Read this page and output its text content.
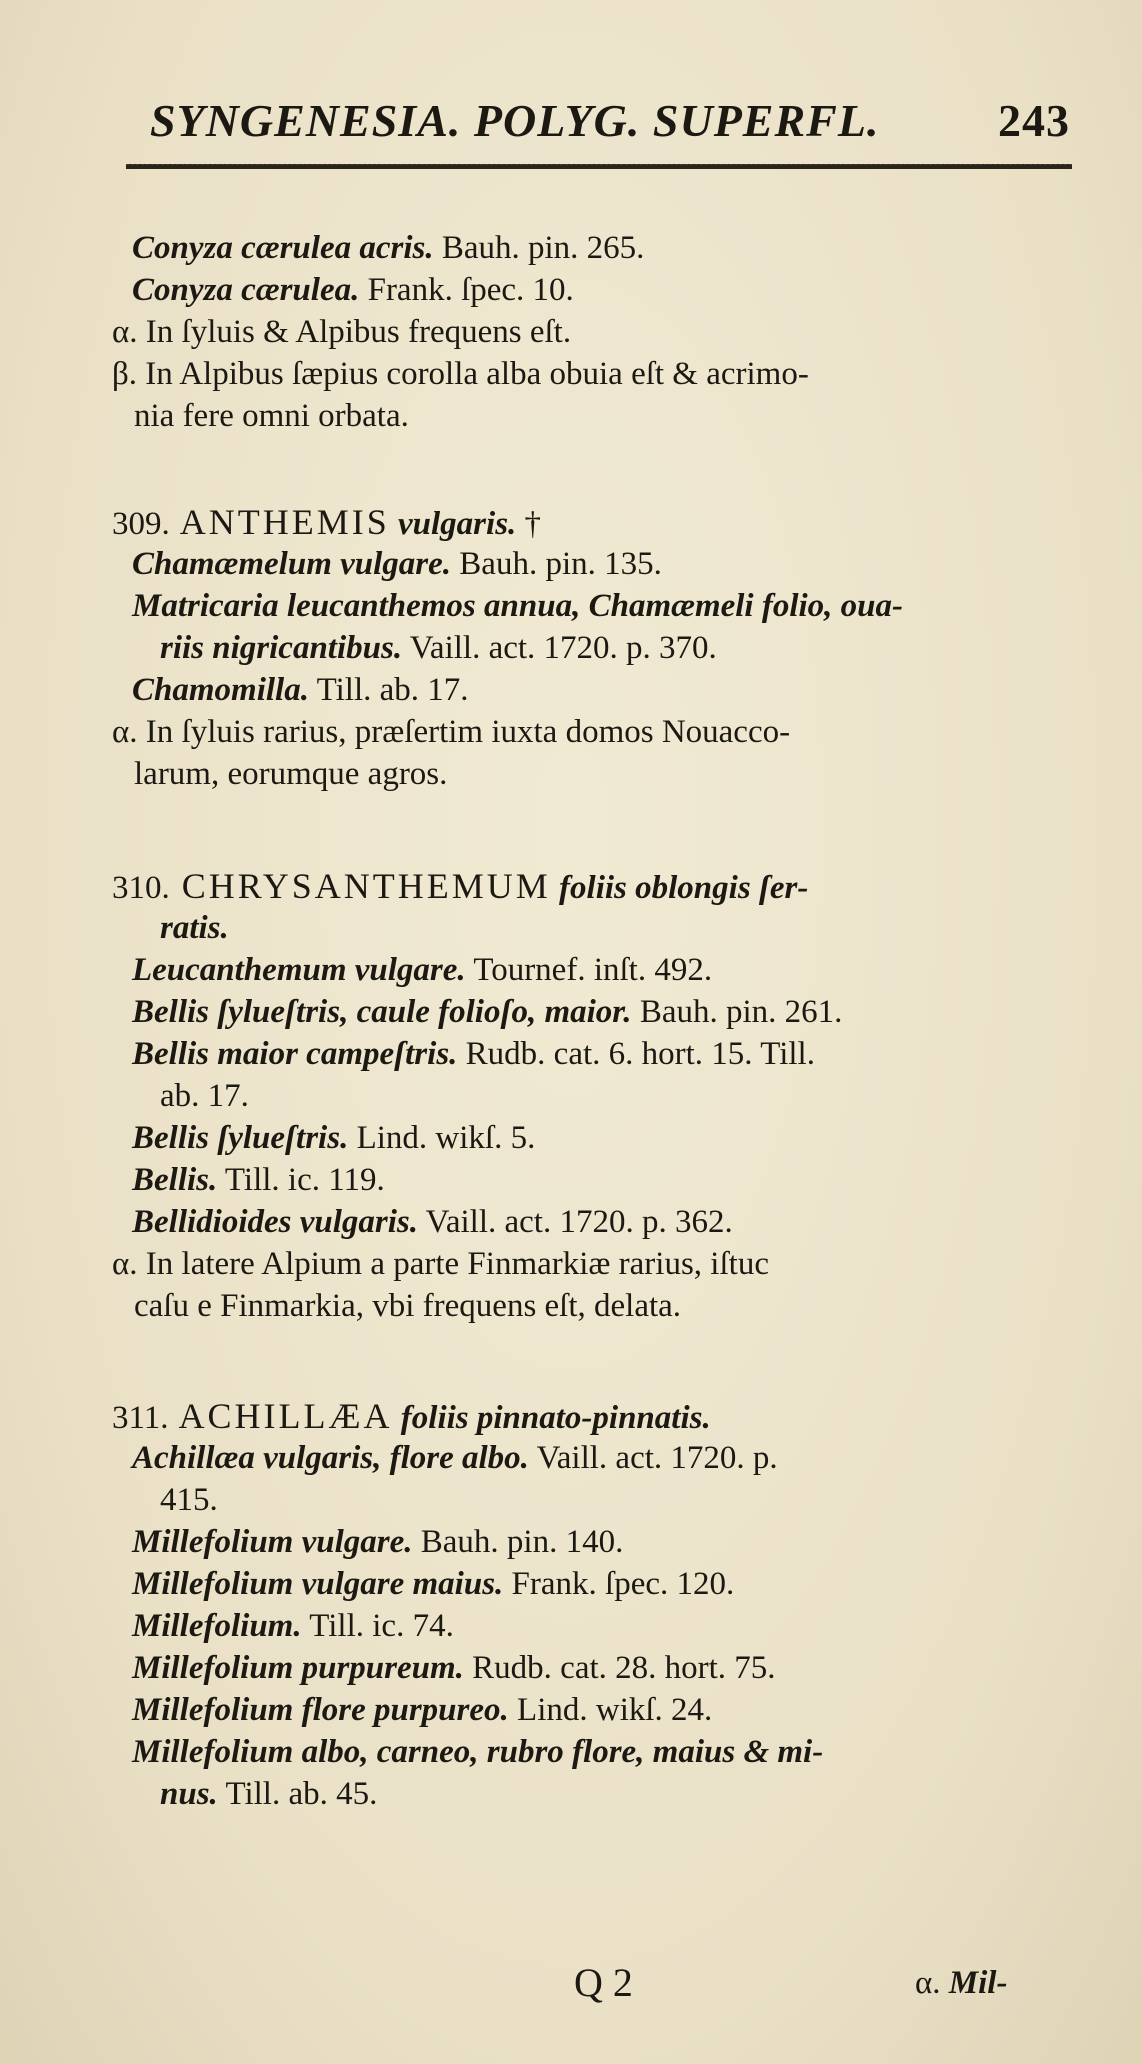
SYNGENESIA. POLYG. SUPERFL.	243
Conyza cærulea acris. Bauh. pin. 265.
Conyza cærulea. Frank. ſpec. 10.
α. In ſyluis & Alpibus frequens eſt.
β. In Alpibus ſæpius corolla alba obuia eſt & acrimo-
nia fere omni orbata.
309. ANTHEMIS vulgaris. †
Chamæmelum vulgare. Bauh. pin. 135.
Matricaria leucanthemos annua, Chamæmeli folio, oua-
riis nigricantibus. Vaill. act. 1720. p. 370.
Chamomilla. Till. ab. 17.
α. In ſyluis rarius, præſertim iuxta domos Nouacco-
larum, eorumque agros.
310. CHRYSANTHEMUM foliis oblongis ſer-
ratis.
Leucanthemum vulgare. Tournef. inſt. 492.
Bellis ſylueſtris, caule folioſo, maior. Bauh. pin. 261.
Bellis maior campeſtris. Rudb. cat. 6. hort. 15. Till.
ab. 17.
Bellis ſylueſtris. Lind. wikſ. 5.
Bellis. Till. ic. 119.
Bellidioides vulgaris. Vaill. act. 1720. p. 362.
α. In latere Alpium a parte Finmarkiæ rarius, iſtuc
caſu e Finmarkia, vbi frequens eſt, delata.
311. ACHILLÆA foliis pinnato-pinnatis.
Achillæa vulgaris, flore albo. Vaill. act. 1720. p.
415.
Millefolium vulgare. Bauh. pin. 140.
Millefolium vulgare maius. Frank. ſpec. 120.
Millefolium. Till. ic. 74.
Millefolium purpureum. Rudb. cat. 28. hort. 75.
Millefolium flore purpureo. Lind. wikſ. 24.
Millefolium albo, carneo, rubro flore, maius & mi-
nus. Till. ab. 45.
Q 2	α. Mil-
